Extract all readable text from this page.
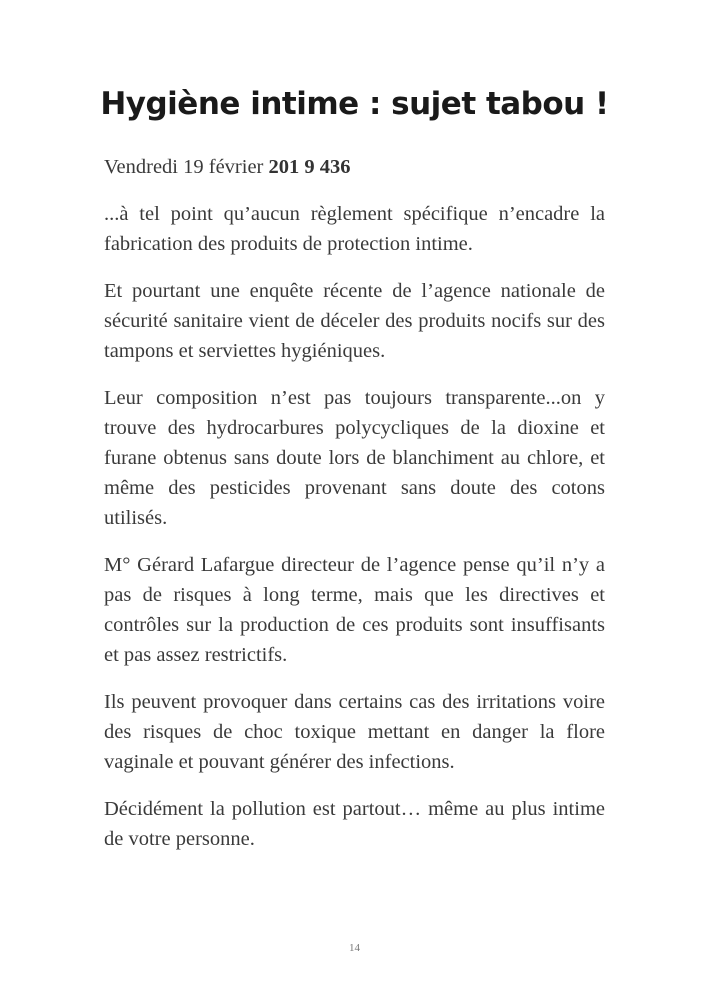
Hygiène intime : sujet tabou !

Vendredi 19 février 201 9 436

...à tel point qu’aucun règlement spécifique n’encadre la fabrication des produits de protection intime.

Et pourtant une enquête récente de l’agence nationale de sécurité sanitaire vient de déceler des produits nocifs sur des tampons et serviettes hygiéniques.

Leur composition n’est pas toujours transparente...on y trouve des hydrocarbures polycycliques de la dioxine et furane obtenus sans doute lors de blanchiment au chlore, et même des pesticides provenant sans doute des cotons utilisés.

M° Gérard Lafargue directeur de l’agence pense qu’il n’y a pas de risques à long terme, mais que les directives et contrôles sur la production de ces produits sont insuffisants et pas assez restrictifs.

Ils peuvent provoquer dans certains cas des irritations voire des risques de choc toxique mettant en danger la flore vaginale et pouvant générer des infections.

Décidément la pollution est partout… même au plus intime de votre personne.

14
